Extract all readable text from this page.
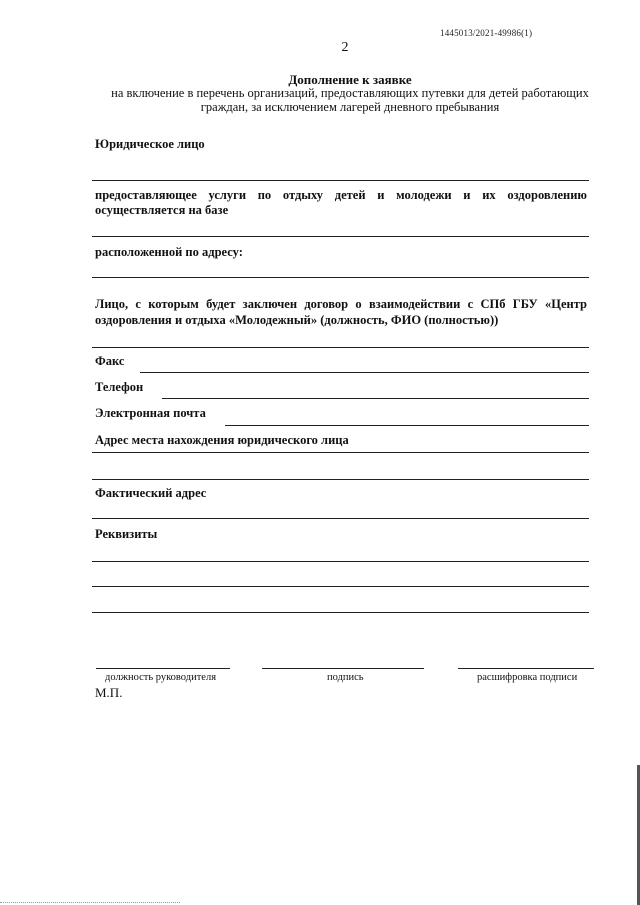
1445013/2021-49986(1)
2
Дополнение к заявке
на включение в перечень организаций, предоставляющих путевки для детей работающих
граждан, за исключением лагерей дневного пребывания
Юридическое лицо
предоставляющее услуги по отдыху детей и молодежи и их оздоровлению
осуществляется на базе
расположенной по адресу:
Лицо, с которым будет заключен договор о взаимодействии с СПб ГБУ «Центр
оздоровления и отдыха «Молодежный» (должность, ФИО (полностью))
Факс
Телефон
Электронная почта
Адрес места нахождения юридического лица
Фактический адрес
Реквизиты
должность руководителя	подпись	расшифровка подписи
М.П.
